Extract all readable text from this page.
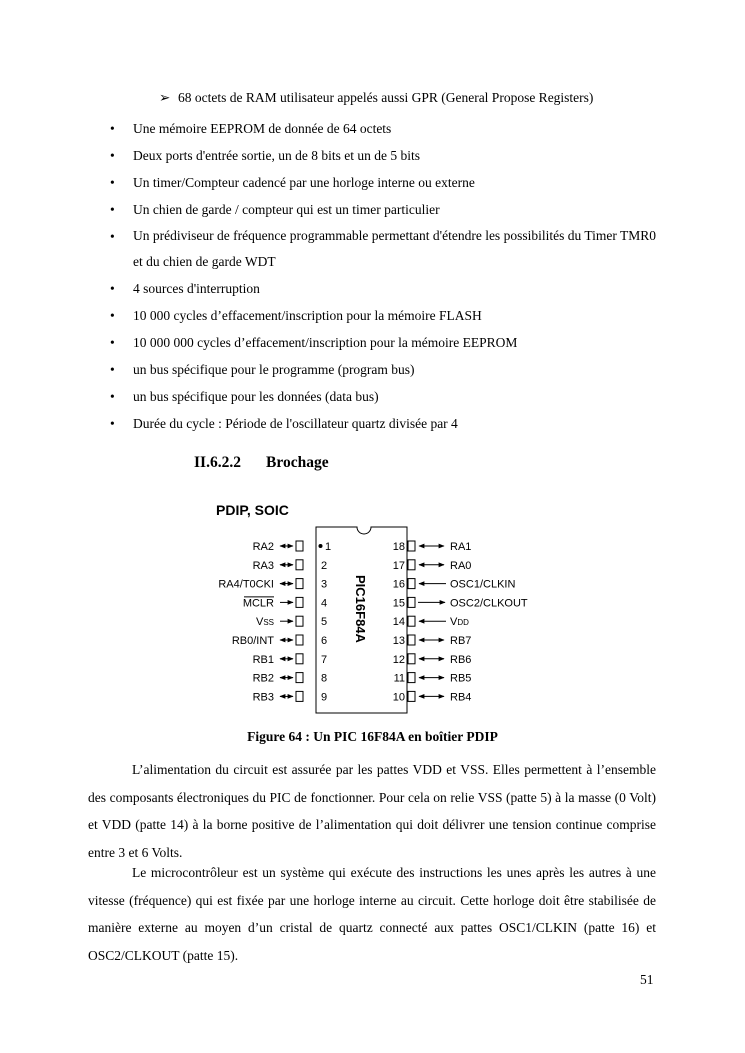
➢ 68 octets de RAM utilisateur appelés aussi GPR (General Propose Registers)
• Une mémoire EEPROM de donnée de 64 octets
• Deux ports d'entrée sortie, un de 8 bits et un de 5 bits
• Un timer/Compteur cadencé par une horloge interne ou externe
• Un chien de garde / compteur qui est un timer particulier
• Un prédiviseur de fréquence programmable permettant d'étendre les possibilités du Timer TMR0 et du chien de garde WDT
• 4 sources d'interruption
• 10 000 cycles d’effacement/inscription pour la mémoire FLASH
• 10 000 000 cycles d’effacement/inscription pour la mémoire EEPROM
• un bus spécifique pour le programme (program bus)
• un bus spécifique pour les données (data bus)
• Durée du cycle : Période de l'oscillateur quartz divisée par 4
II.6.2.2 Brochage
PDIP, SOIC
PIC16F84A
1
RA2
2
RA3
3
RA4/T0CKI
4
MCLR
5
VSS
6
RB0/INT
7
RB1
8
RB2
9
RB3
18	RA1
17	RA0
16	OSC1/CLKIN
15	OSC2/CLKOUT
14	VDD
13	RB7
12	RB6
11	RB5
10	RB4
Figure 64 : Un PIC 16F84A en boîtier PDIP

L’alimentation du circuit est assurée par les pattes VDD et VSS. Elles permettent à l’ensemble des composants électroniques du PIC de fonctionner. Pour cela on relie VSS (patte 5) à la masse (0 Volt) et VDD (patte 14) à la borne positive de l’alimentation qui doit délivrer une tension continue comprise entre 3 et 6 Volts.

Le microcontrôleur est un système qui exécute des instructions les unes après les autres à une vitesse (fréquence) qui est fixée par une horloge interne au circuit. Cette horloge doit être stabilisée de manière externe au moyen d’un cristal de quartz connecté aux pattes OSC1/CLKIN (patte 16) et OSC2/CLKOUT (patte 15).

51
